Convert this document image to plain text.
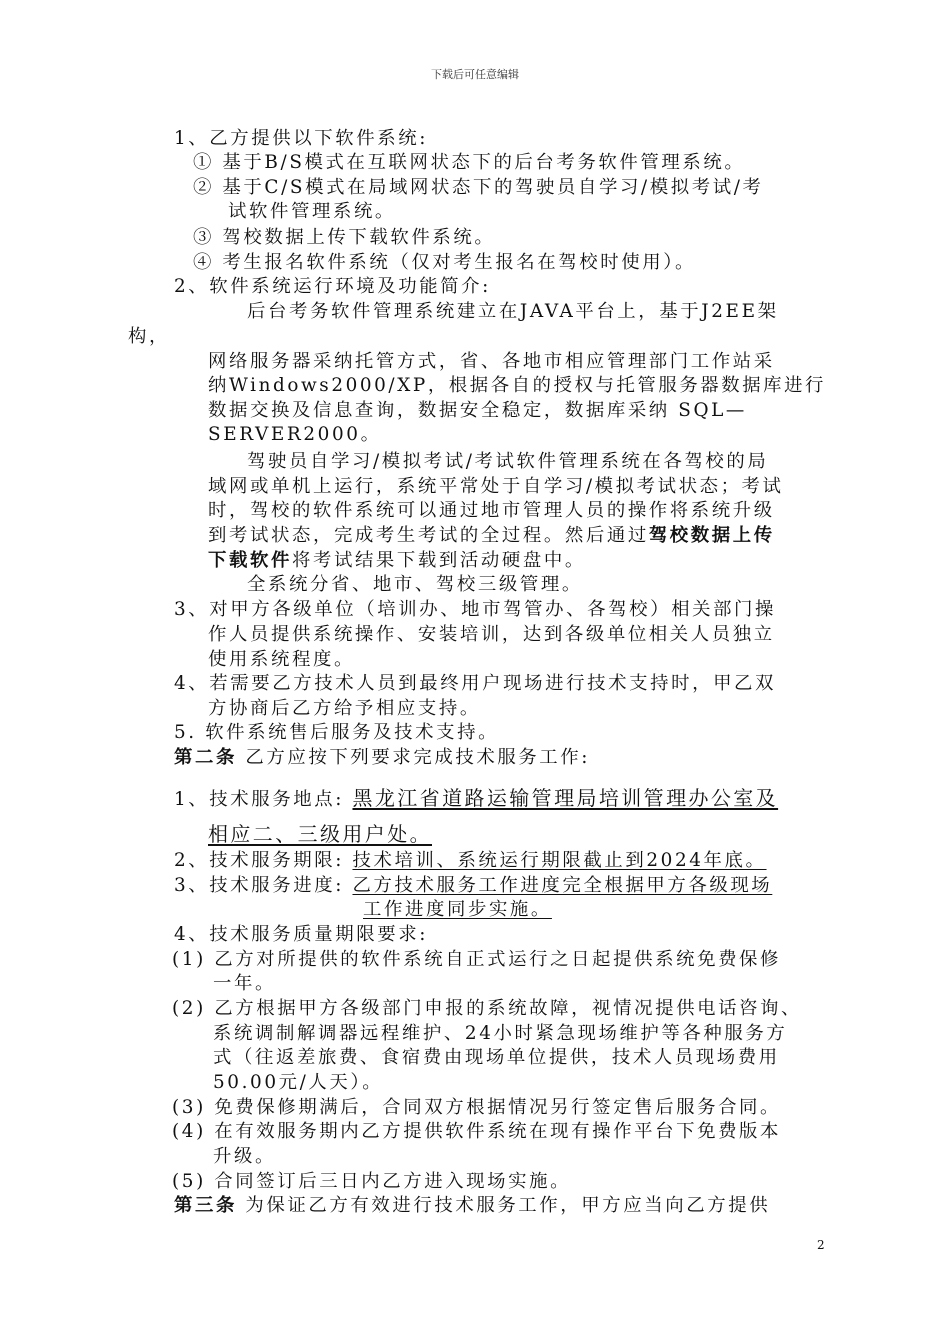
下载后可任意编辑
1、乙方提供以下软件系统:
① 基于B/S模式在互联网状态下的后台考务软件管理系统。
② 基于C/S模式在局域网状态下的驾驶员自学习/模拟考试/考
试软件管理系统。
③ 驾校数据上传下载软件系统。
④ 考生报名软件系统（仅对考生报名在驾校时使用）。
2、软件系统运行环境及功能简介:
后台考务软件管理系统建立在JAVA平台上，基于J2EE架
构，
网络服务器采纳托管方式，省、各地市相应管理部门工作站采
纳Windows2000/XP，根据各自的授权与托管服务器数据库进行
数据交换及信息查询，数据安全稳定，数据库采纳 SQL—
SERVER2000。
驾驶员自学习/模拟考试/考试软件管理系统在各驾校的局
域网或单机上运行，系统平常处于自学习/模拟考试状态；考试
时，驾校的软件系统可以通过地市管理人员的操作将系统升级
到考试状态，完成考生考试的全过程。然后通过驾校数据上传
下载软件将考试结果下载到活动硬盘中。
全系统分省、地市、驾校三级管理。
3、对甲方各级单位（培训办、地市驾管办、各驾校）相关部门操
作人员提供系统操作、安装培训，达到各级单位相关人员独立
使用系统程度。
4、若需要乙方技术人员到最终用户现场进行技术支持时，甲乙双
方协商后乙方给予相应支持。
5. 软件系统售后服务及技术支持。
第二条 乙方应按下列要求完成技术服务工作:
1、技术服务地点: 黑龙江省道路运输管理局培训管理办公室及
相应二、三级用户处。
2、技术服务期限: 技术培训、系统运行期限截止到2024年底。
3、技术服务进度: 乙方技术服务工作进度完全根据甲方各级现场
工作进度同步实施。
4、技术服务质量期限要求:
(1) 乙方对所提供的软件系统自正式运行之日起提供系统免费保修
一年。
(2) 乙方根据甲方各级部门申报的系统故障，视情况提供电话咨询、
系统调制解调器远程维护、24小时紧急现场维护等各种服务方
式（往返差旅费、食宿费由现场单位提供，技术人员现场费用
50.00元/人天）。
(3) 免费保修期满后，合同双方根据情况另行签定售后服务合同。
(4) 在有效服务期内乙方提供软件系统在现有操作平台下免费版本
升级。
(5) 合同签订后三日内乙方进入现场实施。
第三条 为保证乙方有效进行技术服务工作，甲方应当向乙方提供
2
